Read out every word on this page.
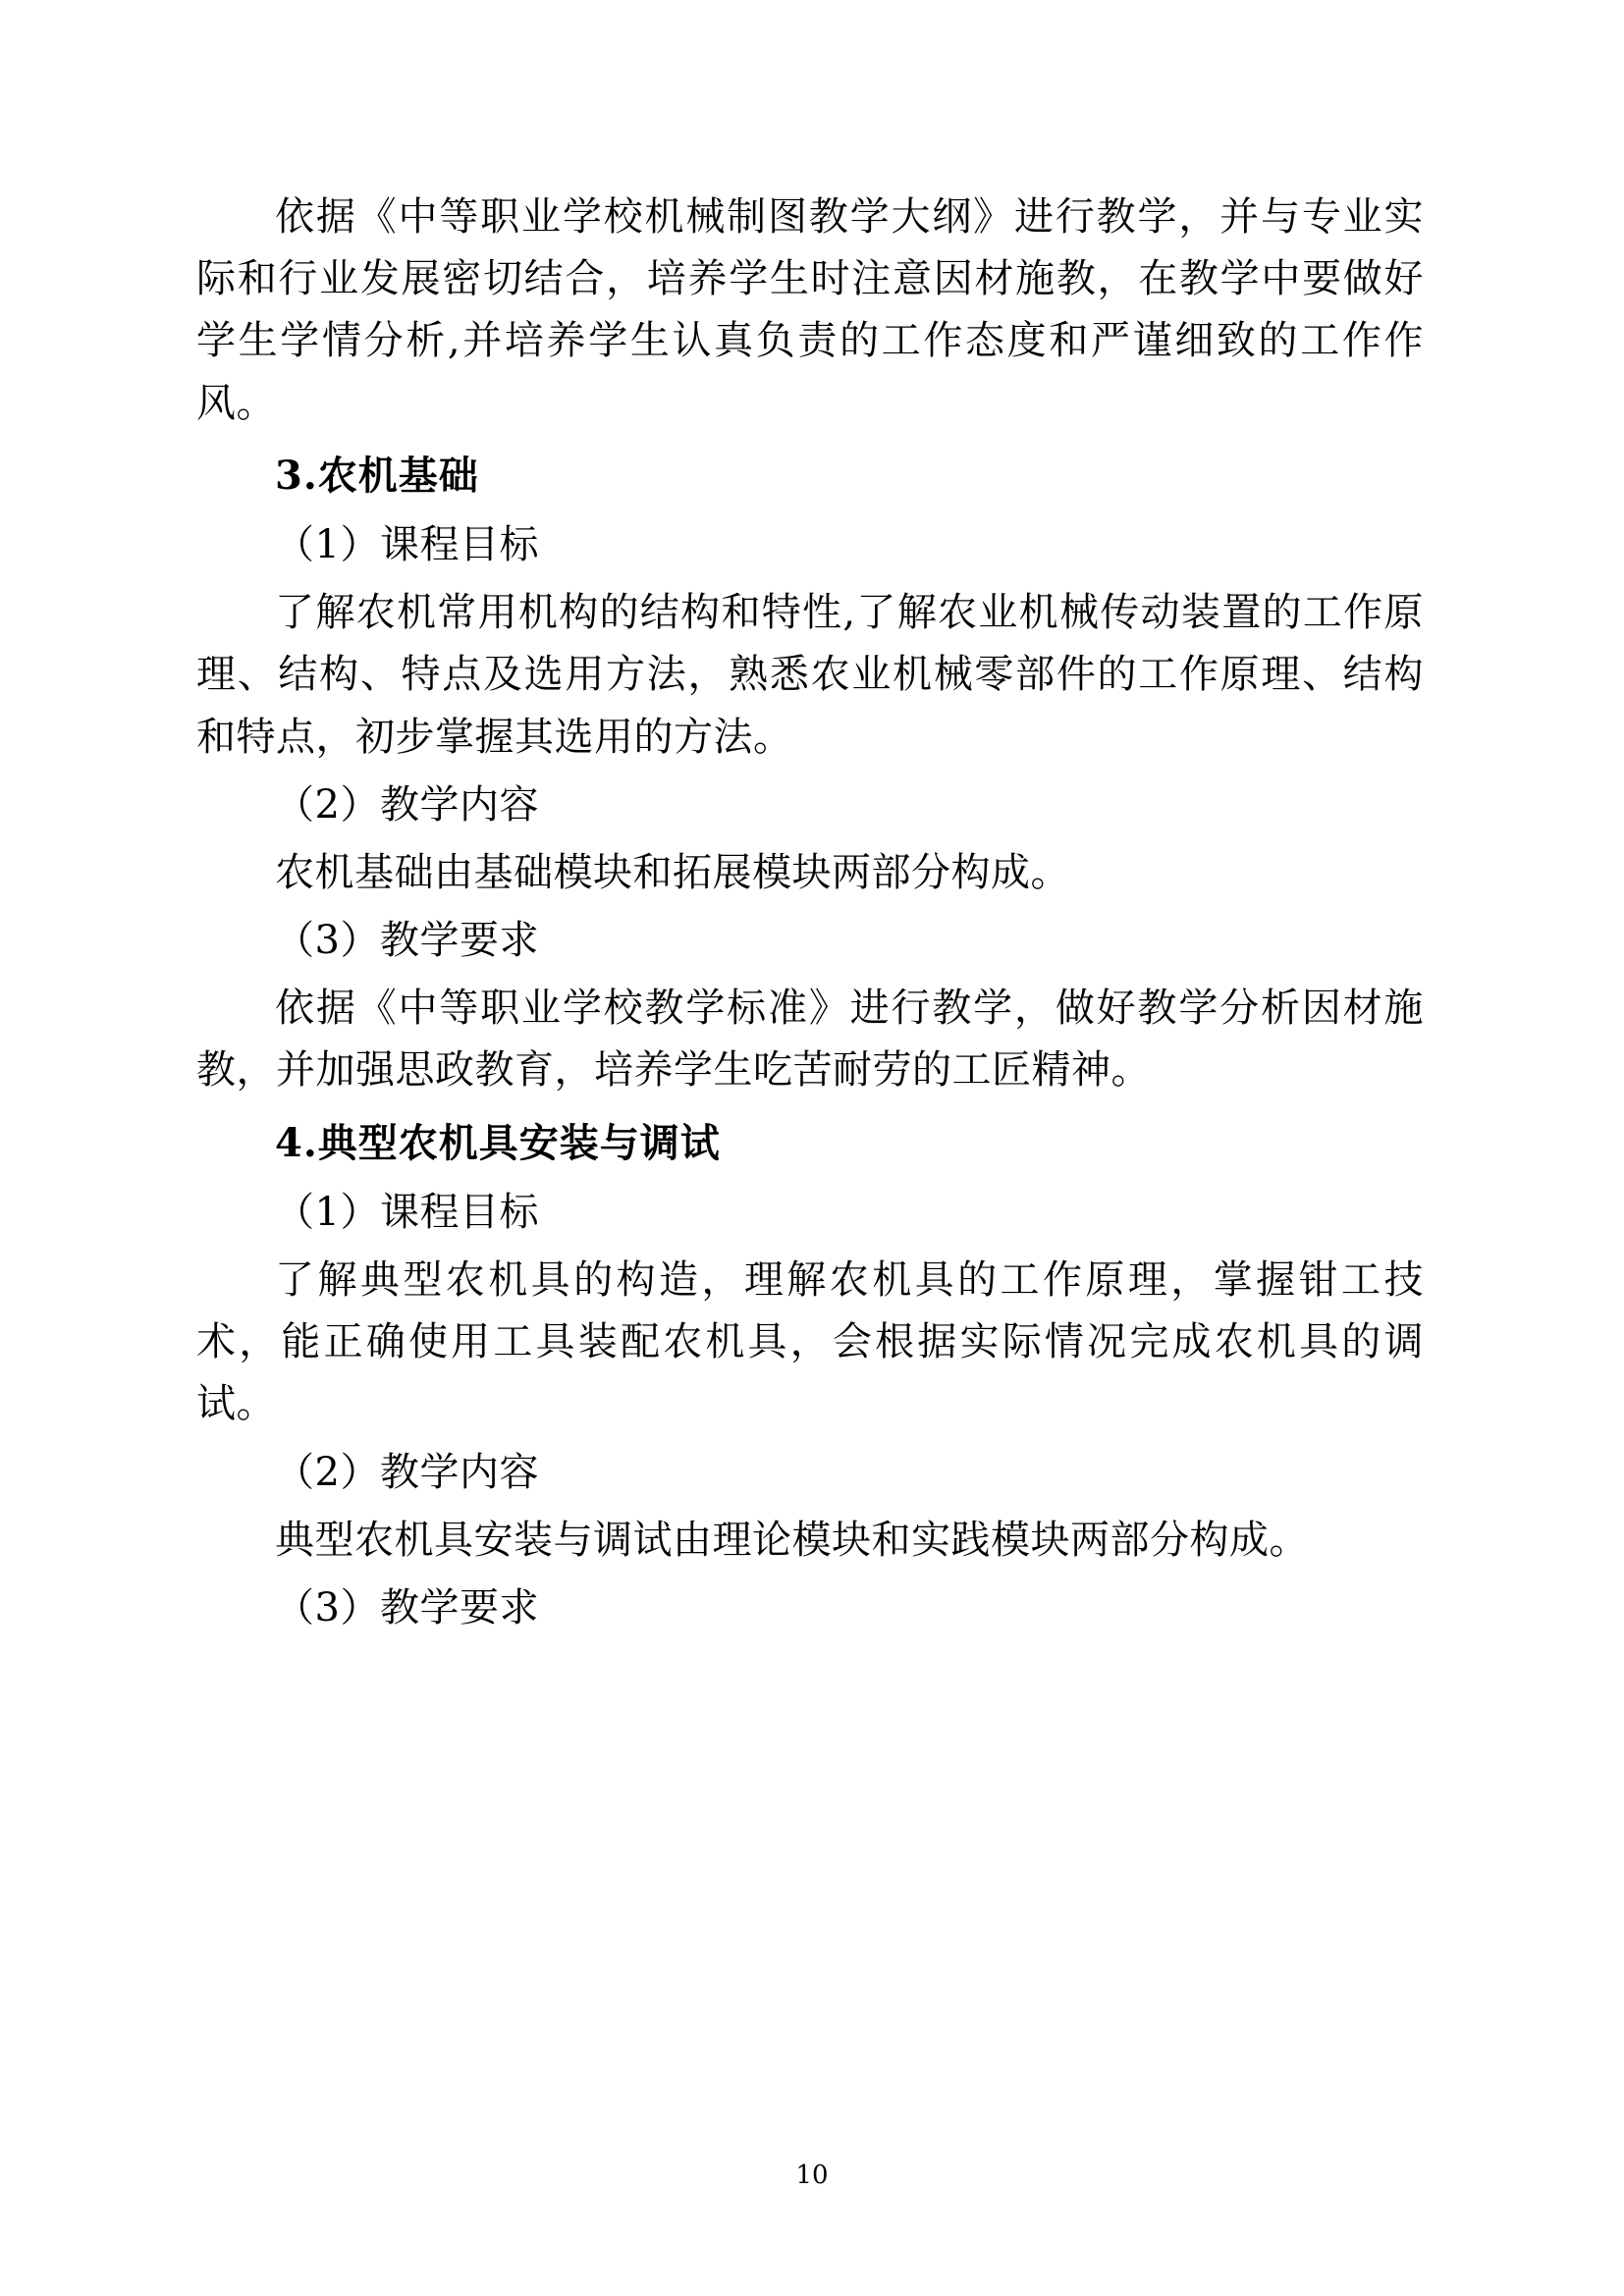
依据《中等职业学校机械制图教学大纲》进行教学，并与专业实际和行业发展密切结合，培养学生时注意因材施教，在教学中要做好学生学情分析,并培养学生认真负责的工作态度和严谨细致的工作作风。

3.农机基础

（1）课程目标

了解农机常用机构的结构和特性,了解农业机械传动装置的工作原理、结构、特点及选用方法，熟悉农业机械零部件的工作原理、结构和特点，初步掌握其选用的方法。

（2）教学内容

农机基础由基础模块和拓展模块两部分构成。

（3）教学要求

依据《中等职业学校教学标准》进行教学，做好教学分析因材施教，并加强思政教育，培养学生吃苦耐劳的工匠精神。

4.典型农机具安装与调试

（1）课程目标

了解典型农机具的构造，理解农机具的工作原理，掌握钳工技术，能正确使用工具装配农机具，会根据实际情况完成农机具的调试。

（2）教学内容

典型农机具安装与调试由理论模块和实践模块两部分构成。

（3）教学要求

10
